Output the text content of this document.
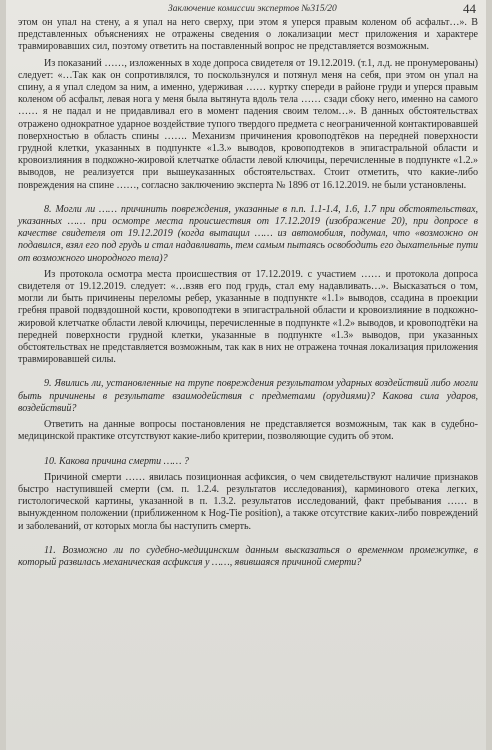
Заключение комиссии экспертов №315/20	44

этом он упал на стену, а я упал на него сверху, при этом я уперся правым коленом об асфальт…». В представленных объяснениях не отражены сведения о локализации мест приложения и характере травмировавших сил, поэтому ответить на поставленный вопрос не представляется возможным.

Из показаний ……, изложенных в ходе допроса свидетеля от 19.12.2019. (т.1, л.д. не пронумерованы) следует: «…Так как он сопротивлялся, то поскользнулся и потянул меня на себя, при этом он упал на спину, а я упал следом за ним, а именно, удерживая …… куртку спереди в районе груди и уперся правым коленом об асфальт, левая нога у меня была вытянута вдоль тела …… сзади сбоку него, именно на самого …… я не падал и не придавливал его в момент падения своим телом…». В данных обстоятельствах отражено однократное ударное воздействие тупого твердого предмета с неограниченной контактировавшей поверхностью в область спины ……. Механизм причинения кровоподтёков на передней поверхности грудной клетки, указанных в подпункте «1.3.» выводов, кровоподтеков в эпигастральной области и кровоизлияния в подкожно-жировой клетчатке области левой ключицы, перечисленные в подпункте «1.2.» выводов, не реализуется при вышеуказанных обстоятельствах. Стоит отметить, что какие-либо повреждения на спине ……, согласно заключению эксперта № 1896 от 16.12.2019. не были установлены.

8. Могли ли …… причинить повреждения, указанные в п.п. 1.1-1.4, 1.6, 1.7 при обстоятельствах, указанных …… при осмотре места происшествия от 17.12.2019 (изображение 20), при допросе в качестве свидетеля от 19.12.2019 (когда вытащил …… из автомобиля, подумал, что «возможно он подавился, взял его под грудь и стал надавливать, тем самым пытаясь освободить его дыхательные пути от возможного инородного тела)?

Из протокола осмотра места происшествия от 17.12.2019. с участием …… и протокола допроса свидетеля от 19.12.2019. следует: «…взяв его под грудь, стал ему надавливать…». Высказаться о том, могли ли быть причинены переломы ребер, указанные в подпункте «1.1» выводов, ссадина в проекции гребня правой подвздошной кости, кровоподтеки в эпигастральной области и кровоизлияние в подкожно-жировой клетчатке области левой ключицы, перечисленные в подпункте «1.2» выводов, и кровоподтёки на передней поверхности грудной клетки, указанные в подпункте «1.3» выводов, при указанных обстоятельствах не представляется возможным, так как в них не отражена точная локализация приложения травмировавшей силы.

9. Явились ли, установленные на трупе повреждения результатом ударных воздействий либо могли быть причинены в результате взаимодействия с предметами (орудиями)? Какова сила ударов, воздействий?

Ответить на данные вопросы постановления не представляется возможным, так как в судебно-медицинской практике отсутствуют какие-либо критерии, позволяющие судить об этом.

10. Какова причина смерти …… ?

Причиной смерти …… явилась позиционная асфиксия, о чем свидетельствуют наличие признаков быстро наступившей смерти (см. п. 1.2.4. результатов исследования), карминового отека легких, гистологической картины, указанной в п. 1.3.2. результатов исследований, факт пребывания …… в вынужденном положении (приближенном к Hog-Tie position), а также отсутствие каких-либо повреждений и заболеваний, от которых могла бы наступить смерть.

11. Возможно ли по судебно-медицинским данным высказаться о временном промежутке, в который развилась механическая асфиксия у ……, явившаяся причиной смерти?
